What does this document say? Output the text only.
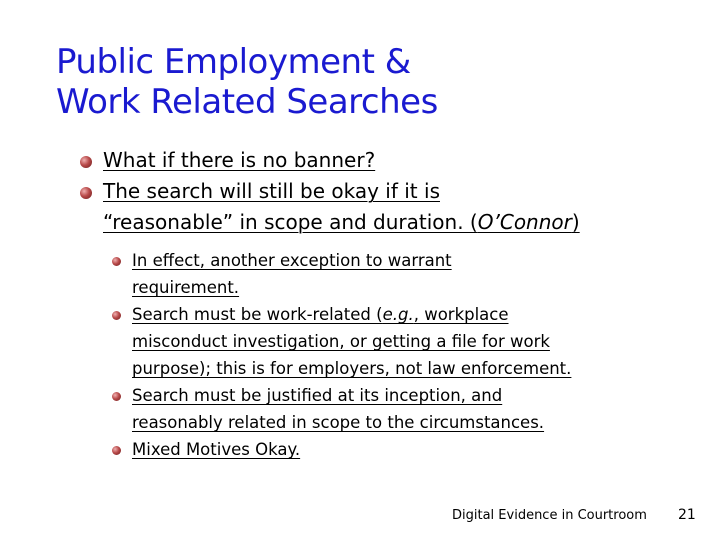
Public Employment &
Work Related Searches
What if there is no banner?
The search will still be okay if it is
“reasonable” in scope and duration. (O’Connor)
In effect, another exception to warrant
requirement.
Search must be work-related (e.g., workplace
misconduct investigation, or getting a file for work
purpose); this is for employers, not law enforcement.
Search must be justified at its inception, and
reasonably related in scope to the circumstances.
Mixed Motives Okay.
Digital Evidence in Courtroom 21
